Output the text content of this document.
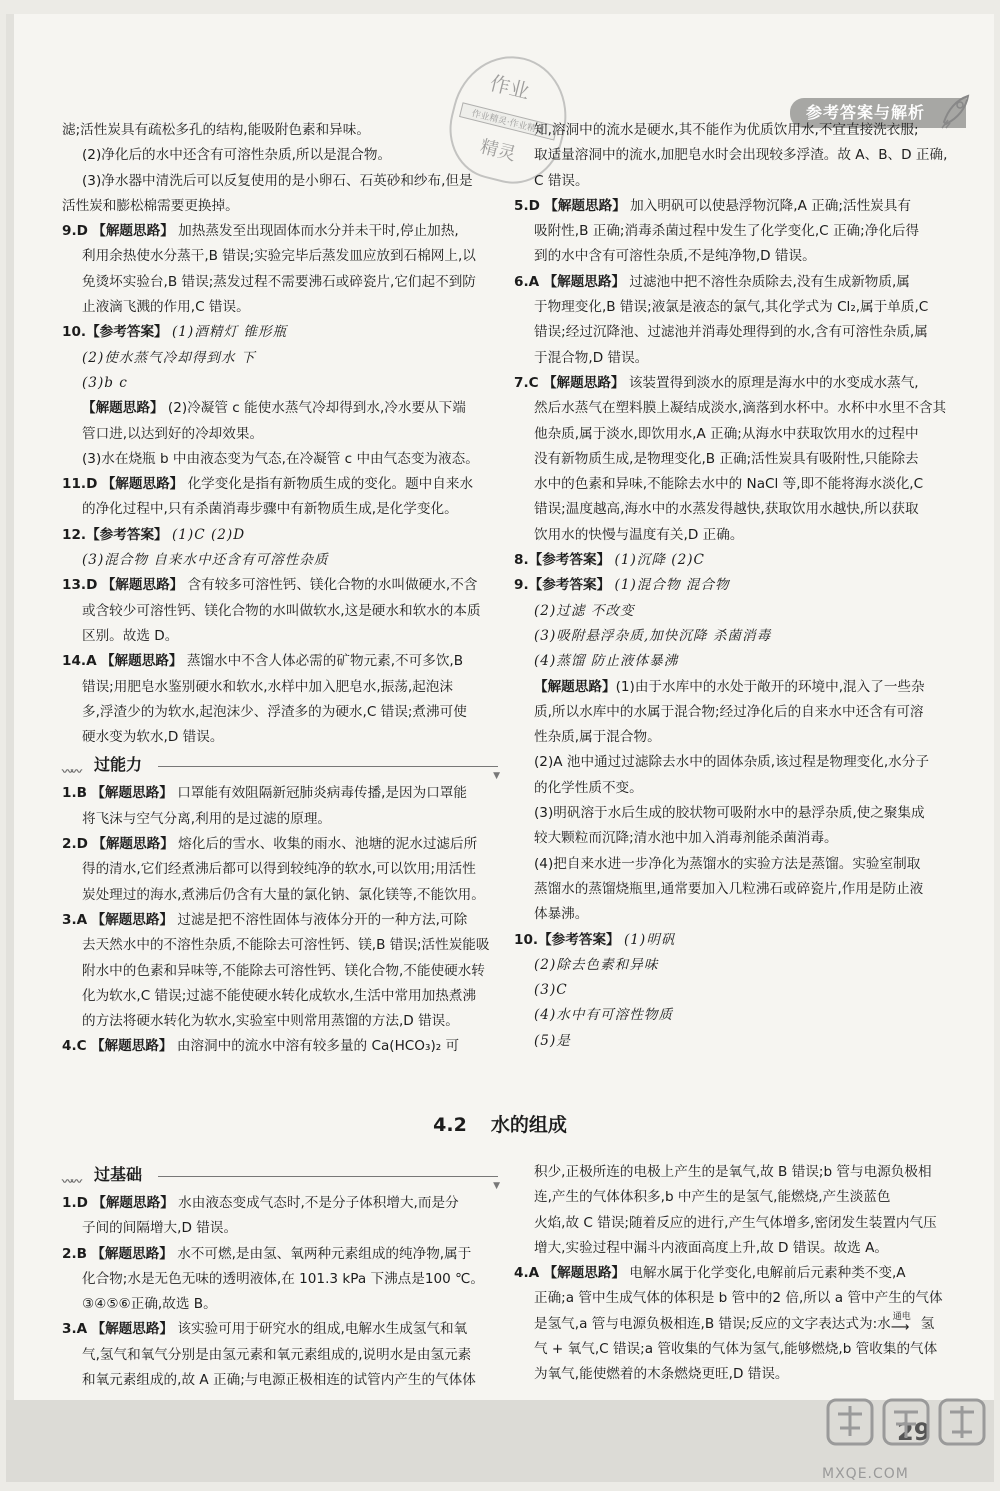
参考答案与解析
作业
作业精灵·作业精灵
精灵

滤;活性炭具有疏松多孔的结构,能吸附色素和异味。

(2)净化后的水中还含有可溶性杂质,所以是混合物。

(3)净水器中清洗后可以反复使用的是小卵石、石英砂和纱布,但是

活性炭和膨松棉需要更换掉。

9.D 【解题思路】 加热蒸发至出现固体而水分并未干时,停止加热,

利用余热使水分蒸干,B 错误;实验完毕后蒸发皿应放到石棉网上,以

免烫坏实验台,B 错误;蒸发过程不需要沸石或碎瓷片,它们起不到防

止液滴飞溅的作用,C 错误。

10.【参考答案】 (1)酒精灯 锥形瓶

(2)使水蒸气冷却得到水 下

(3)b c

【解题思路】 (2)冷凝管 c 能使水蒸气冷却得到水,冷水要从下端

管口进,以达到好的冷却效果。

(3)水在烧瓶 b 中由液态变为气态,在冷凝管 c 中由气态变为液态。

11.D 【解题思路】 化学变化是指有新物质生成的变化。题中自来水

的净化过程中,只有杀菌消毒步骤中有新物质生成,是化学变化。

12.【参考答案】 (1)C (2)D

(3)混合物 自来水中还含有可溶性杂质

13.D 【解题思路】 含有较多可溶性钙、镁化合物的水叫做硬水,不含

或含较少可溶性钙、镁化合物的水叫做软水,这是硬水和软水的本质

区别。故选 D。

14.A 【解题思路】 蒸馏水中不含人体必需的矿物元素,不可多饮,B

错误;用肥皂水鉴别硬水和软水,水样中加入肥皂水,振荡,起泡沫

多,浮渣少的为软水,起泡沫少、浮渣多的为硬水,C 错误;煮沸可使

硬水变为软水,D 错误。

〰〰 过能力
▼

1.B 【解题思路】 口罩能有效阻隔新冠肺炎病毒传播,是因为口罩能

将飞沫与空气分离,利用的是过滤的原理。

2.D 【解题思路】 熔化后的雪水、收集的雨水、池塘的泥水过滤后所

得的清水,它们经煮沸后都可以得到较纯净的软水,可以饮用;用活性

炭处理过的海水,煮沸后仍含有大量的氯化钠、氯化镁等,不能饮用。

3.A 【解题思路】 过滤是把不溶性固体与液体分开的一种方法,可除

去天然水中的不溶性杂质,不能除去可溶性钙、镁,B 错误;活性炭能吸

附水中的色素和异味等,不能除去可溶性钙、镁化合物,不能使硬水转

化为软水,C 错误;过滤不能使硬水转化成软水,生活中常用加热煮沸

的方法将硬水转化为软水,实验室中则常用蒸馏的方法,D 错误。

4.C 【解题思路】 由溶洞中的流水中溶有较多量的 Ca(HCO₃)₂ 可

知,溶洞中的流水是硬水,其不能作为优质饮用水,不宜直接洗衣服;

取适量溶洞中的流水,加肥皂水时会出现较多浮渣。故 A、B、D 正确,

C 错误。

5.D 【解题思路】 加入明矾可以使悬浮物沉降,A 正确;活性炭具有

吸附性,B 正确;消毒杀菌过程中发生了化学变化,C 正确;净化后得

到的水中含有可溶性杂质,不是纯净物,D 错误。

6.A 【解题思路】 过滤池中把不溶性杂质除去,没有生成新物质,属

于物理变化,B 错误;液氯是液态的氯气,其化学式为 Cl₂,属于单质,C

错误;经过沉降池、过滤池并消毒处理得到的水,含有可溶性杂质,属

于混合物,D 错误。

7.C 【解题思路】 该装置得到淡水的原理是海水中的水变成水蒸气,

然后水蒸气在塑料膜上凝结成淡水,滴落到水杯中。水杯中水里不含其

他杂质,属于淡水,即饮用水,A 正确;从海水中获取饮用水的过程中

没有新物质生成,是物理变化,B 正确;活性炭具有吸附性,只能除去

水中的色素和异味,不能除去水中的 NaCl 等,即不能将海水淡化,C

错误;温度越高,海水中的水蒸发得越快,获取饮用水越快,所以获取

饮用水的快慢与温度有关,D 正确。

8.【参考答案】 (1)沉降 (2)C

9.【参考答案】 (1)混合物 混合物

(2)过滤 不改变

(3)吸附悬浮杂质,加快沉降 杀菌消毒

(4)蒸馏 防止液体暴沸

【解题思路】(1)由于水库中的水处于敞开的环境中,混入了一些杂

质,所以水库中的水属于混合物;经过净化后的自来水中还含有可溶

性杂质,属于混合物。

(2)A 池中通过过滤除去水中的固体杂质,该过程是物理变化,水分子

的化学性质不变。

(3)明矾溶于水后生成的胶状物可吸附水中的悬浮杂质,使之聚集成

较大颗粒而沉降;清水池中加入消毒剂能杀菌消毒。

(4)把自来水进一步净化为蒸馏水的实验方法是蒸馏。实验室制取

蒸馏水的蒸馏烧瓶里,通常要加入几粒沸石或碎瓷片,作用是防止液

体暴沸。

10.【参考答案】 (1)明矾

(2)除去色素和异味

(3)C

(4)水中有可溶性物质

(5)是

4.2 水的组成
〰〰 过基础
▼

1.D 【解题思路】 水由液态变成气态时,不是分子体积增大,而是分

子间的间隔增大,D 错误。

2.B 【解题思路】 水不可燃,是由氢、氧两种元素组成的纯净物,属于

化合物;水是无色无味的透明液体,在 101.3 kPa 下沸点是100 ℃。

③④⑤⑥正确,故选 B。

3.A 【解题思路】 该实验可用于研究水的组成,电解水生成氢气和氧

气,氢气和氧气分别是由氢元素和氧元素组成的,说明水是由氢元素

和氧元素组成的,故 A 正确;与电源正极相连的试管内产生的气体体

积少,正极所连的电极上产生的是氧气,故 B 错误;b 管与电源负极相

连,产生的气体体积多,b 中产生的是氢气,能燃烧,产生淡蓝色

火焰,故 C 错误;随着反应的进行,产生气体增多,密闭发生装置内气压

增大,实验过程中漏斗内液面高度上升,故 D 错误。故选 A。

4.A 【解题思路】 电解水属于化学变化,电解前后元素种类不变,A

正确;a 管中生成气体的体积是 b 管中的2 倍,所以 a 管中产生的气体

是氢气,a 管与电源负极相连,B 错误;反应的文字表达式为:水 通电
⟶ 氢

气 + 氧气,C 错误;a 管收集的气体为氢气,能够燃烧,b 管收集的气体

为氧气,能使燃着的木条燃烧更旺,D 错误。

29
MXQE.COM
